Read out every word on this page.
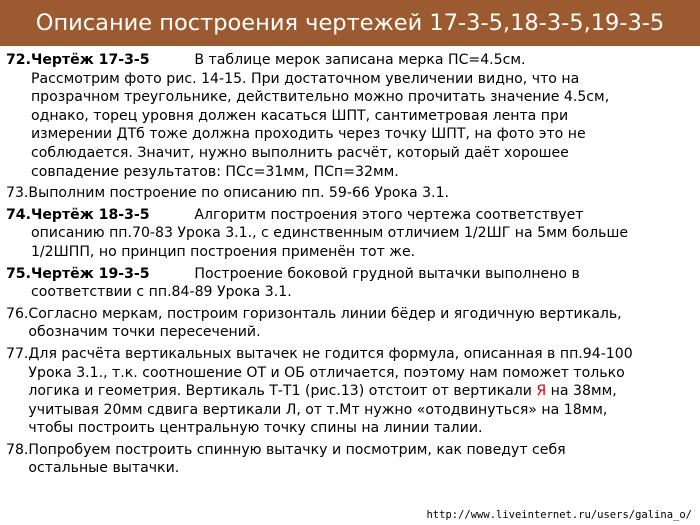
Описание построения чертежей 17-3-5,18-3-5,19-3-5
72. Чертёж 17-3-5	В таблице мерок записана мерка ПС=4.5см.
Рассмотрим фото рис. 14-15. При достаточном увеличении видно, что на
прозрачном треугольнике, действительно можно прочитать значение 4.5см,
однако, торец уровня должен касаться ШПТ, сантиметровая лента при
измерении ДТб тоже должна проходить через точку ШПТ, на фото это не
соблюдается. Значит, нужно выполнить расчёт, который даёт хорошее
совпадение результатов: ПСс=31мм, ПСп=32мм.
73. Выполним построение по описанию пп. 59-66 Урока 3.1.
74. Чертёж 18-3-5	Алгоритм построения этого чертежа соответствует
описанию пп.70-83 Урока 3.1., с единственным отличием 1/2ШГ на 5мм больше
1/2ШПП, но принцип построения применён тот же.
75. Чертёж 19-3-5	Построение боковой грудной вытачки выполнено в
соответствии с пп.84-89 Урока 3.1.
76. Согласно меркам, построим горизонталь линии бёдер и ягодичную вертикаль,
обозначим точки пересечений.
77. Для расчёта вертикальных вытачек не годится формула, описанная в пп.94-100
Урока 3.1., т.к. соотношение ОТ и ОБ отличается, поэтому нам поможет только
логика и геометрия. Вертикаль Т-Т1 (рис.13) отстоит от вертикали Я на 38мм,
учитывая 20мм сдвига вертикали Л, от т.Мт нужно «отодвинуться» на 18мм,
чтобы построить центральную точку спины на линии талии.
78. Попробуем построить спинную вытачку и посмотрим, как поведут себя
остальные вытачки.
http://www.liveinternet.ru/users/galina_o/
